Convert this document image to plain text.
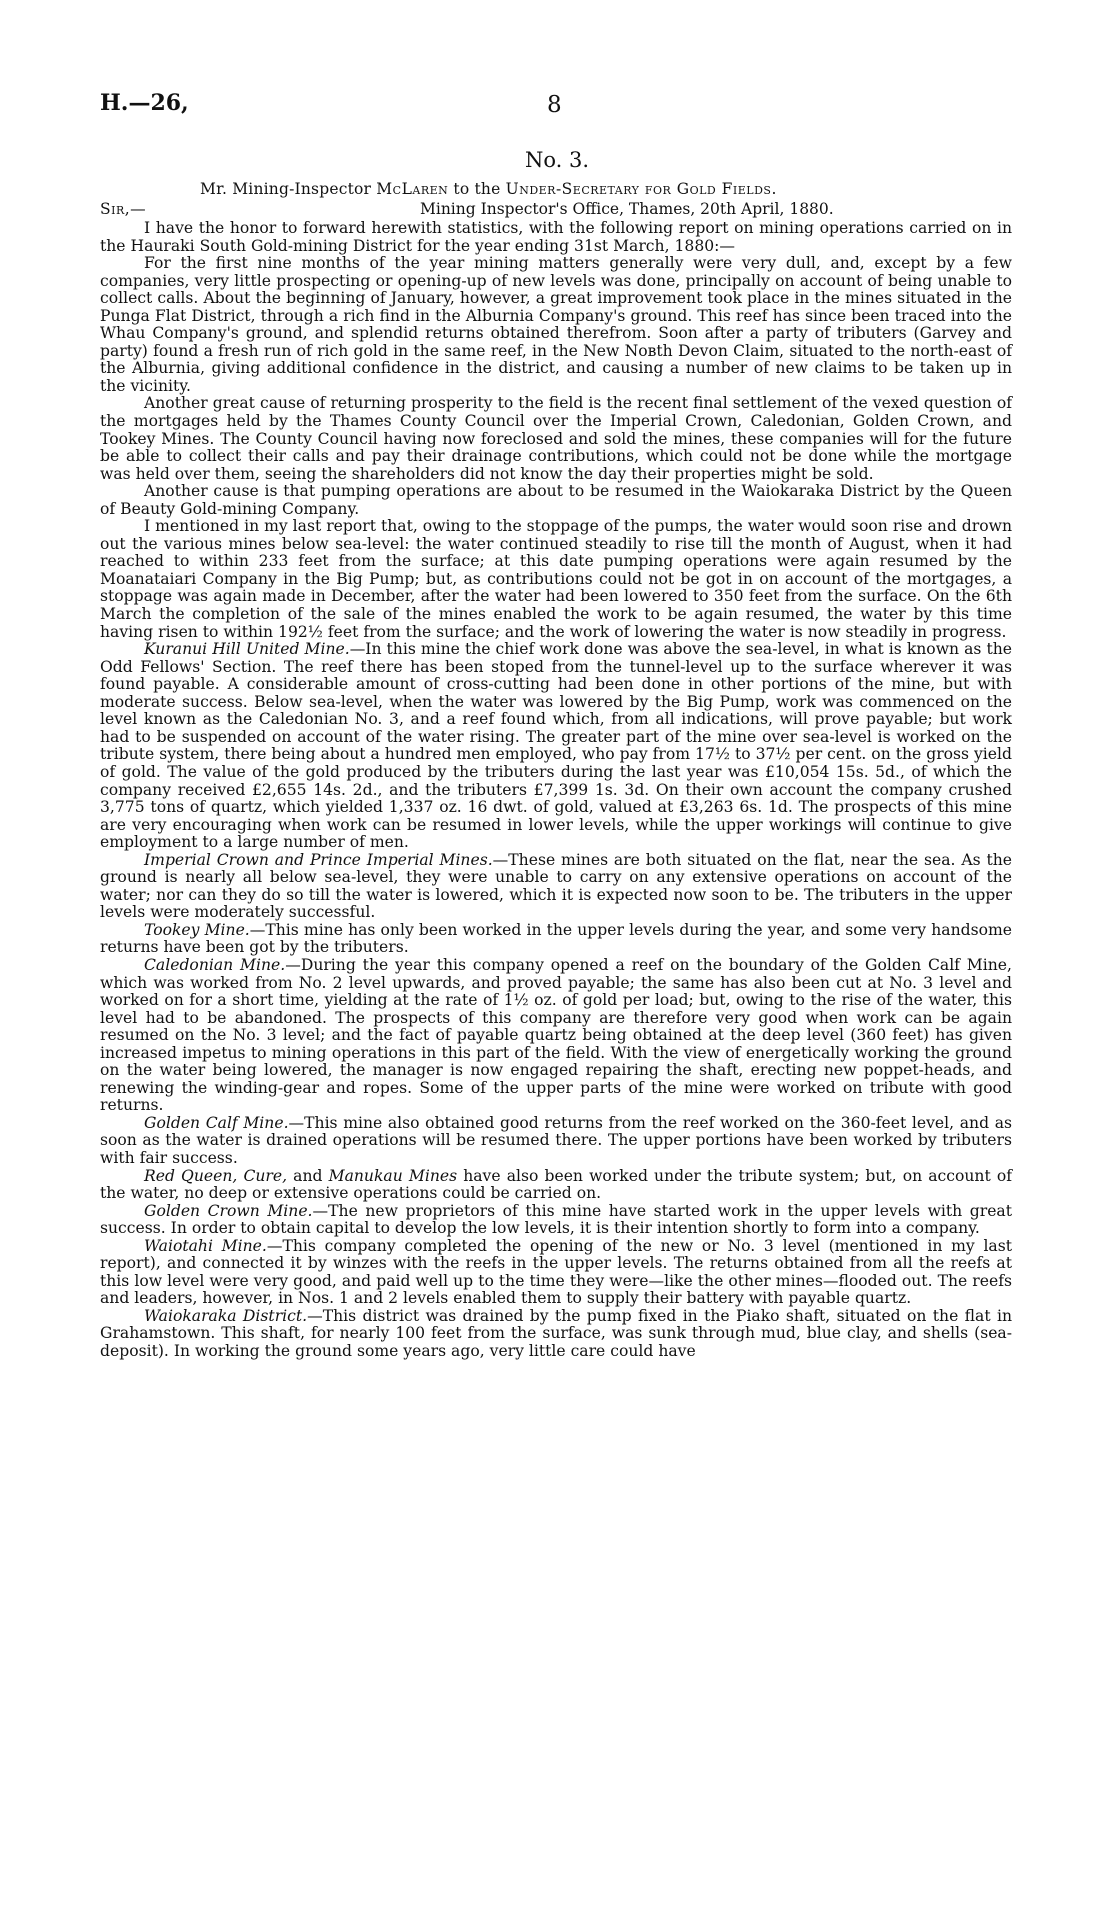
H.—26,	8
No. 3.
Mr. Mining-Inspector McLaren to the Under-Secretary for Gold Fields.
Sir,—	Mining Inspector's Office, Thames, 20th April, 1880.

I have the honor to forward herewith statistics, with the following report on mining operations carried on in the Hauraki South Gold-mining District for the year ending 31st March, 1880:—

For the first nine months of the year mining matters generally were very dull, and, except by a few companies, very little prospecting or opening-up of new levels was done, principally on account of being unable to collect calls. About the beginning of January, however, a great improvement took place in the mines situated in the Punga Flat District, through a rich find in the Alburnia Company's ground. This reef has since been traced into the Whau Company's ground, and splendid returns obtained therefrom. Soon after a party of tributers (Garvey and party) found a fresh run of rich gold in the same reef, in the New Noвth Devon Claim, situated to the north-east of the Alburnia, giving additional confidence in the district, and causing a number of new claims to be taken up in the vicinity.

Another great cause of returning prosperity to the field is the recent final settlement of the vexed question of the mortgages held by the Thames County Council over the Imperial Crown, Caledonian, Golden Crown, and Tookey Mines. The County Council having now foreclosed and sold the mines, these companies will for the future be able to collect their calls and pay their drainage contributions, which could not be done while the mortgage was held over them, seeing the shareholders did not know the day their properties might be sold.

Another cause is that pumping operations are about to be resumed in the Waiokaraka District by the Queen of Beauty Gold-mining Company.

I mentioned in my last report that, owing to the stoppage of the pumps, the water would soon rise and drown out the various mines below sea-level: the water continued steadily to rise till the month of August, when it had reached to within 233 feet from the surface; at this date pumping operations were again resumed by the Moanataiari Company in the Big Pump; but, as contributions could not be got in on account of the mortgages, a stoppage was again made in December, after the water had been lowered to 350 feet from the surface. On the 6th March the completion of the sale of the mines enabled the work to be again resumed, the water by this time having risen to within 192½ feet from the surface; and the work of lowering the water is now steadily in progress.

Kuranui Hill United Mine.—In this mine the chief work done was above the sea-level, in what is known as the Odd Fellows' Section. The reef there has been stoped from the tunnel-level up to the surface wherever it was found payable. A considerable amount of cross-cutting had been done in other portions of the mine, but with moderate success. Below sea-level, when the water was lowered by the Big Pump, work was commenced on the level known as the Caledonian No. 3, and a reef found which, from all indications, will prove payable; but work had to be suspended on account of the water rising. The greater part of the mine over sea-level is worked on the tribute system, there being about a hundred men employed, who pay from 17½ to 37½ per cent. on the gross yield of gold. The value of the gold produced by the tributers during the last year was £10,054 15s. 5d., of which the company received £2,655 14s. 2d., and the tributers £7,399 1s. 3d. On their own account the company crushed 3,775 tons of quartz, which yielded 1,337 oz. 16 dwt. of gold, valued at £3,263 6s. 1d. The prospects of this mine are very encouraging when work can be resumed in lower levels, while the upper workings will continue to give employment to a large number of men.

Imperial Crown and Prince Imperial Mines.—These mines are both situated on the flat, near the sea. As the ground is nearly all below sea-level, they were unable to carry on any extensive operations on account of the water; nor can they do so till the water is lowered, which it is expected now soon to be. The tributers in the upper levels were moderately successful.

Tookey Mine.—This mine has only been worked in the upper levels during the year, and some very handsome returns have been got by the tributers.

Caledonian Mine.—During the year this company opened a reef on the boundary of the Golden Calf Mine, which was worked from No. 2 level upwards, and proved payable; the same has also been cut at No. 3 level and worked on for a short time, yielding at the rate of 1½ oz. of gold per load; but, owing to the rise of the water, this level had to be abandoned. The prospects of this company are therefore very good when work can be again resumed on the No. 3 level; and the fact of payable quartz being obtained at the deep level (360 feet) has given increased impetus to mining operations in this part of the field. With the view of energetically working the ground on the water being lowered, the manager is now engaged repairing the shaft, erecting new poppet-heads, and renewing the winding-gear and ropes. Some of the upper parts of the mine were worked on tribute with good returns.

Golden Calf Mine.—This mine also obtained good returns from the reef worked on the 360-feet level, and as soon as the water is drained operations will be resumed there. The upper portions have been worked by tributers with fair success.

Red Queen, Cure, and Manukau Mines have also been worked under the tribute system; but, on account of the water, no deep or extensive operations could be carried on.

Golden Crown Mine.—The new proprietors of this mine have started work in the upper levels with great success. In order to obtain capital to develop the low levels, it is their intention shortly to form into a company.

Waiotahi Mine.—This company completed the opening of the new or No. 3 level (mentioned in my last report), and connected it by winzes with the reefs in the upper levels. The returns obtained from all the reefs at this low level were very good, and paid well up to the time they were—like the other mines—flooded out. The reefs and leaders, however, in Nos. 1 and 2 levels enabled them to supply their battery with payable quartz.

Waiokaraka District.—This district was drained by the pump fixed in the Piako shaft, situated on the flat in Grahamstown. This shaft, for nearly 100 feet from the surface, was sunk through mud, blue clay, and shells (sea-deposit). In working the ground some years ago, very little care could have
